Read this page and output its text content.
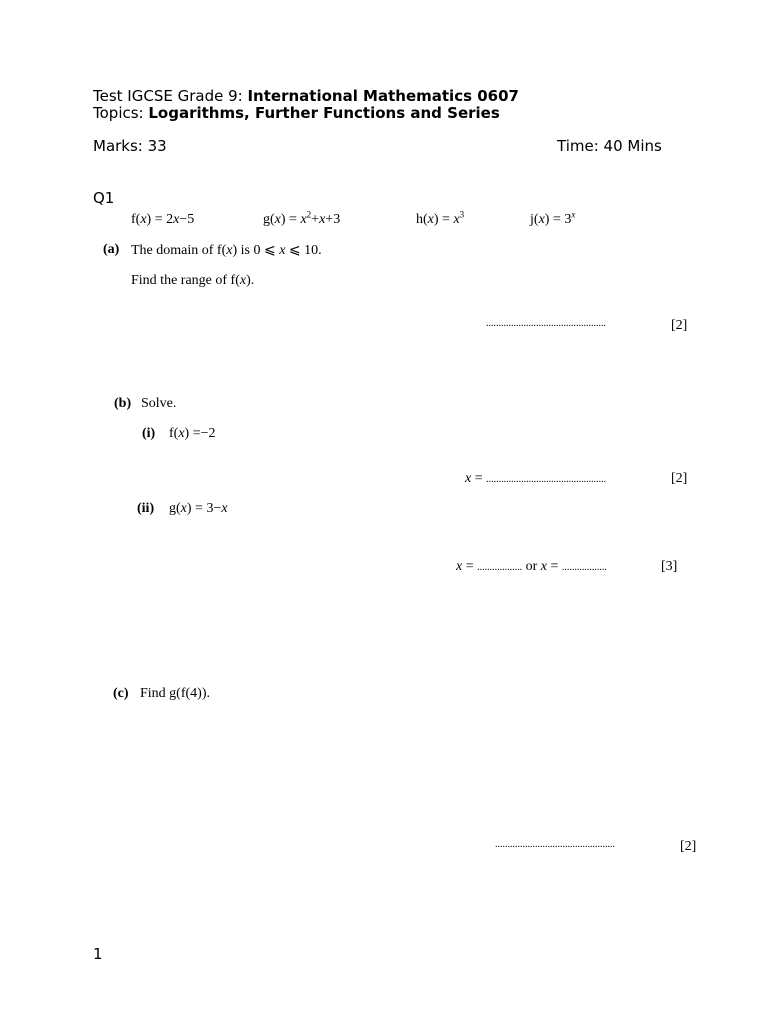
Test IGCSE Grade 9: International Mathematics 0607
Topics: Logarithms, Further Functions and Series
Marks: 33	Time: 40 Mins
Q1
f(x) = 2x−5	$g(x) = x^2+x+3$	$h(x) = x^3$	$j(x) = 3^x$
(a) The domain of f(x) is 0 ⩽ x ⩽ 10.
Find the range of f(x).
................................................	[2]
(b) Solve.
(i) f(x) =−2
x = ................................................	[2]
(ii) g(x) = 3−x
x = .................. or x = ..................	[3]
(c) Find g(f(4)).
................................................	[2]
1
